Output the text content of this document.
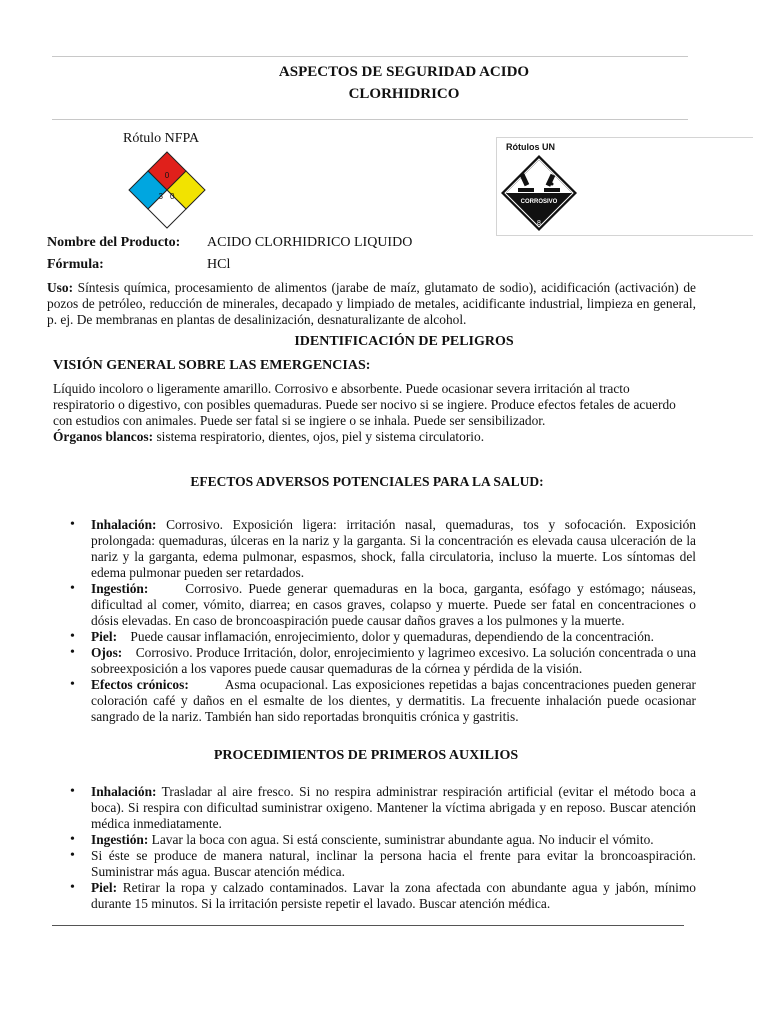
ASPECTOS DE SEGURIDAD ACIDO
CLORHIDRICO
Rótulo NFPA
0
3 0
Rótulos UN
CORROSIVO
8
Nombre del Producto: ACIDO CLORHIDRICO LIQUIDO
Fórmula:	HCl
Uso: Síntesis química, procesamiento de alimentos (jarabe de maíz, glutamato de sodio), acidificación (activación) de pozos de petróleo, reducción de minerales, decapado y limpiado de metales, acidificante industrial, limpieza en general, p. ej. De membranas en plantas de desalinización, desnaturalizante de alcohol.
IDENTIFICACIÓN DE PELIGROS
VISIÓN GENERAL SOBRE LAS EMERGENCIAS:
Líquido incoloro o ligeramente amarillo. Corrosivo e absorbente. Puede ocasionar severa irritación al tracto respiratorio o digestivo, con posibles quemaduras. Puede ser nocivo si se ingiere. Produce efectos fetales de acuerdo con estudios con animales. Puede ser fatal si se ingiere o se inhala. Puede ser sensibilizador.
Órganos blancos: sistema respiratorio, dientes, ojos, piel y sistema circulatorio.
EFECTOS ADVERSOS POTENCIALES PARA LA SALUD:
• Inhalación: Corrosivo. Exposición ligera: irritación nasal, quemaduras, tos y sofocación. Exposición prolongada: quemaduras, úlceras en la nariz y la garganta. Si la concentración es elevada causa ulceración de la nariz y la garganta, edema pulmonar, espasmos, shock, falla circulatoria, incluso la muerte. Los síntomas del edema pulmonar pueden ser retardados.
• Ingestión:	Corrosivo. Puede generar quemaduras en la boca, garganta, esófago y estómago; náuseas, dificultad al comer, vómito, diarrea; en casos graves, colapso y muerte. Puede ser fatal en concentraciones o dósis elevadas. En caso de broncoaspiración puede causar daños graves a los pulmones y la muerte.
• Piel: Puede causar inflamación, enrojecimiento, dolor y quemaduras, dependiendo de la concentración.
• Ojos: Corrosivo. Produce Irritación, dolor, enrojecimiento y lagrimeo excesivo. La solución concentrada o una sobreexposición a los vapores puede causar quemaduras de la córnea y pérdida de la visión.
• Efectos crónicos:	Asma ocupacional. Las exposiciones repetidas a bajas concentraciones pueden generar coloración café y daños en el esmalte de los dientes, y dermatitis. La frecuente inhalación puede ocasionar sangrado de la nariz. También han sido reportadas bronquitis crónica y gastritis.
PROCEDIMIENTOS DE PRIMEROS AUXILIOS
• Inhalación: Trasladar al aire fresco. Si no respira administrar respiración artificial (evitar el método boca a boca). Si respira con dificultad suministrar oxigeno. Mantener la víctima abrigada y en reposo. Buscar atención médica inmediatamente.
• Ingestión: Lavar la boca con agua. Si está consciente, suministrar abundante agua. No inducir el vómito.
• Si éste se produce de manera natural, inclinar la persona hacia el frente para evitar la broncoaspiración. Suministrar más agua. Buscar atención médica.
• Piel: Retirar la ropa y calzado contaminados. Lavar la zona afectada con abundante agua y jabón, mínimo durante 15 minutos. Si la irritación persiste repetir el lavado. Buscar atención médica.
